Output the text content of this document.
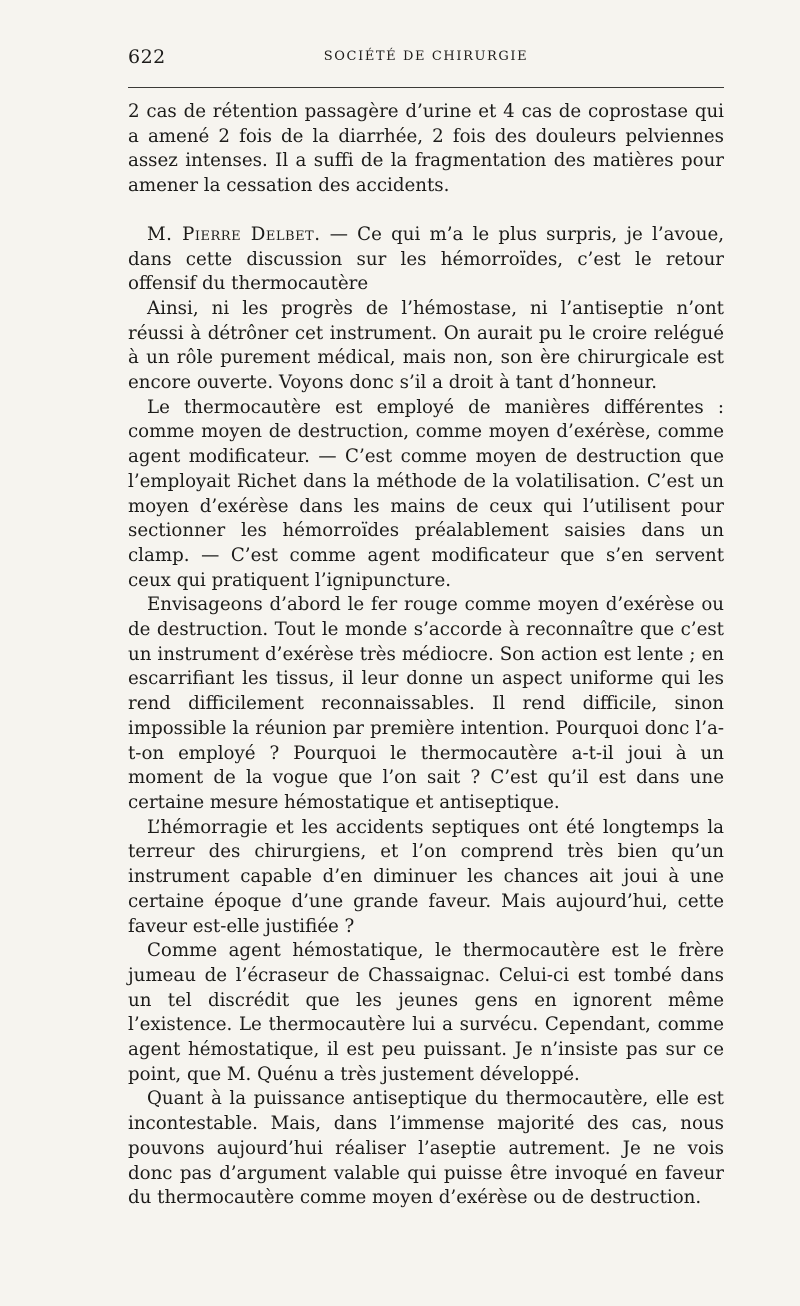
622	SOCIÉTÉ DE CHIRURGIE

2 cas de rétention passagère d’urine et 4 cas de coprostase qui a amené 2 fois de la diarrhée, 2 fois des douleurs pelviennes assez intenses. Il a suffi de la fragmentation des matières pour amener la cessation des accidents.

M. Pierre Delbet. — Ce qui m’a le plus surpris, je l’avoue, dans cette discussion sur les hémorroïdes, c’est le retour offensif du thermocautère

Ainsi, ni les progrès de l’hémostase, ni l’antiseptie n’ont réussi à détrôner cet instrument. On aurait pu le croire relégué à un rôle purement médical, mais non, son ère chirurgicale est encore ouverte. Voyons donc s’il a droit à tant d’honneur.

Le thermocautère est employé de manières différentes : comme moyen de destruction, comme moyen d’exérèse, comme agent modificateur. — C’est comme moyen de destruction que l’employait Richet dans la méthode de la volatilisation. C’est un moyen d’exérèse dans les mains de ceux qui l’utilisent pour sectionner les hémorroïdes préalablement saisies dans un clamp. — C’est comme agent modificateur que s’en servent ceux qui pratiquent l’ignipuncture.

Envisageons d’abord le fer rouge comme moyen d’exérèse ou de destruction. Tout le monde s’accorde à reconnaître que c’est un instrument d’exérèse très médiocre. Son action est lente ; en escarrifiant les tissus, il leur donne un aspect uniforme qui les rend difficilement reconnaissables. Il rend difficile, sinon impossible la réunion par première intention. Pourquoi donc l’a-t-on employé ? Pourquoi le thermocautère a-t-il joui à un moment de la vogue que l’on sait ? C’est qu’il est dans une certaine mesure hémostatique et antiseptique.

L’hémorragie et les accidents septiques ont été longtemps la terreur des chirurgiens, et l’on comprend très bien qu’un instrument capable d’en diminuer les chances ait joui à une certaine époque d’une grande faveur. Mais aujourd’hui, cette faveur est-elle justifiée ?

Comme agent hémostatique, le thermocautère est le frère jumeau de l’écraseur de Chassaignac. Celui-ci est tombé dans un tel discrédit que les jeunes gens en ignorent même l’existence. Le thermocautère lui a survécu. Cependant, comme agent hémostatique, il est peu puissant. Je n’insiste pas sur ce point, que M. Quénu a très justement développé.

Quant à la puissance antiseptique du thermocautère, elle est incontestable. Mais, dans l’immense majorité des cas, nous pouvons aujourd’hui réaliser l’aseptie autrement. Je ne vois donc pas d’argument valable qui puisse être invoqué en faveur du thermocautère comme moyen d’exérèse ou de destruction.
